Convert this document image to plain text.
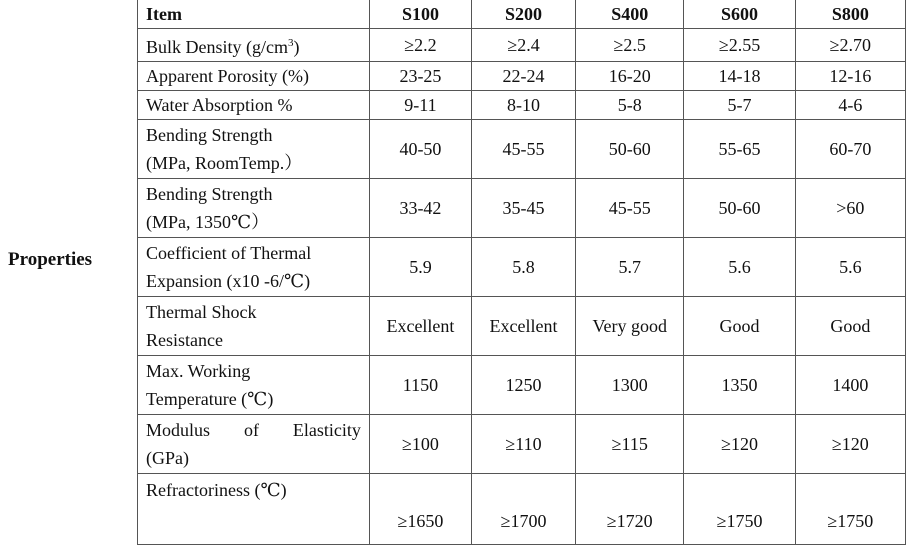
Properties
Item	S100	S200	S400	S600	S800
Bulk Density $(g/cm^3)$	≥2.2	≥2.4	≥2.5	≥2.55	≥2.70
Apparent Porosity (%)	23-25	22-24	16-20	14-18	12-16
Water Absorption %	9-11	8-10	5-8	5-7	4-6

Bending Strength
(MPa, RoomTemp.）	40-50	45-55	50-60	55-65	60-70

Bending Strength
(MPa, 1350℃）	33-42	35-45	45-55	50-60	>60

Coefficient of Thermal
Expansion (x10 -6/℃)	5.9	5.8	5.7	5.6	5.6

Thermal Shock
Resistance	Excellent	Excellent	Very good	Good	Good

Max. Working
Temperature (℃)	1150	1250	1300	1350	1400

Modulus of Elasticity
(GPa)	≥100	≥110	≥115	≥120	≥120

Refractoriness (℃)	≥1650	≥1700	≥1720	≥1750	≥1750
